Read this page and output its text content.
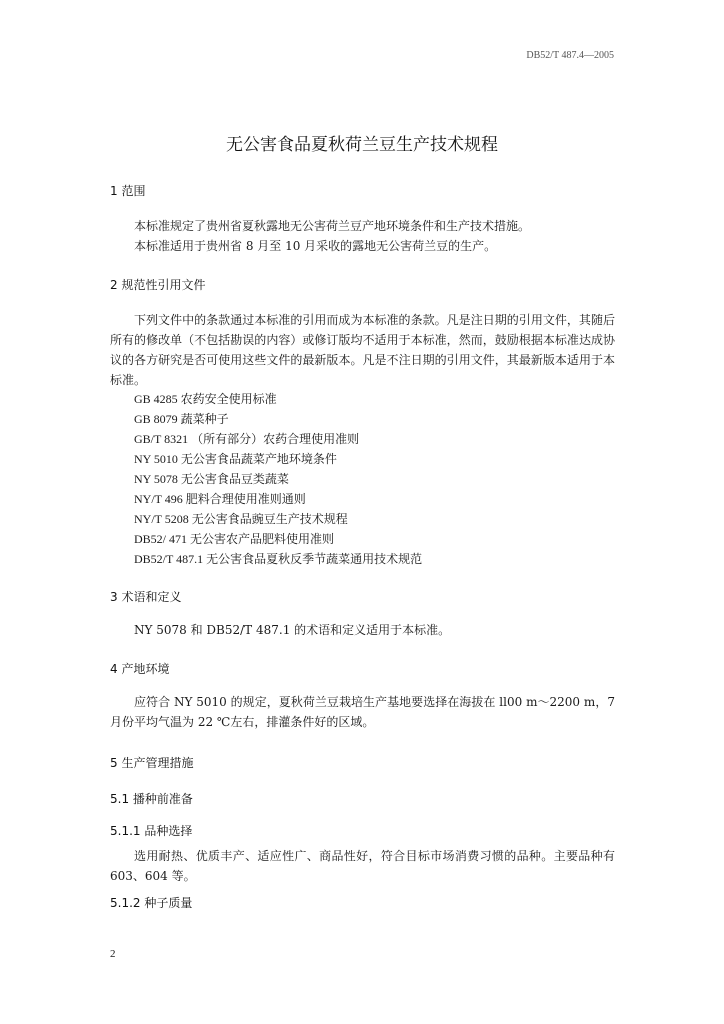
DB52/T 487.4—2005
无公害食品夏秋荷兰豆生产技术规程
1 范围
本标准规定了贵州省夏秋露地无公害荷兰豆产地环境条件和生产技术措施。
本标准适用于贵州省 8 月至 10 月采收的露地无公害荷兰豆的生产。
2 规范性引用文件
下列文件中的条款通过本标准的引用而成为本标准的条款。凡是注日期的引用文件，其随后所有的修改单（不包括勘误的内容）或修订版均不适用于本标准，然而，鼓励根据本标准达成协议的各方研究是否可使用这些文件的最新版本。凡是不注日期的引用文件，其最新版本适用于本标准。
GB 4285 农药安全使用标准
GB 8079 蔬菜种子
GB/T 8321 （所有部分）农药合理使用准则
NY 5010 无公害食品蔬菜产地环境条件
NY 5078 无公害食品豆类蔬菜
NY/T 496 肥料合理使用准则通则
NY/T 5208 无公害食品豌豆生产技术规程
DB52/ 471 无公害农产品肥料使用准则
DB52/T 487.1 无公害食品夏秋反季节蔬菜通用技术规范
3 术语和定义
NY 5078 和 DB52/T 487.1 的术语和定义适用于本标准。
4 产地环境
应符合 NY 5010 的规定，夏秋荷兰豆栽培生产基地要选择在海拔在 ll00 m～2200 m，7 月份平均气温为 22 ℃左右，排灌条件好的区域。
5 生产管理措施
5.1 播种前准备
5.1.1 品种选择
选用耐热、优质丰产、适应性广、商品性好，符合目标市场消费习惯的品种。主要品种有 603、604 等。
5.1.2 种子质量
2
